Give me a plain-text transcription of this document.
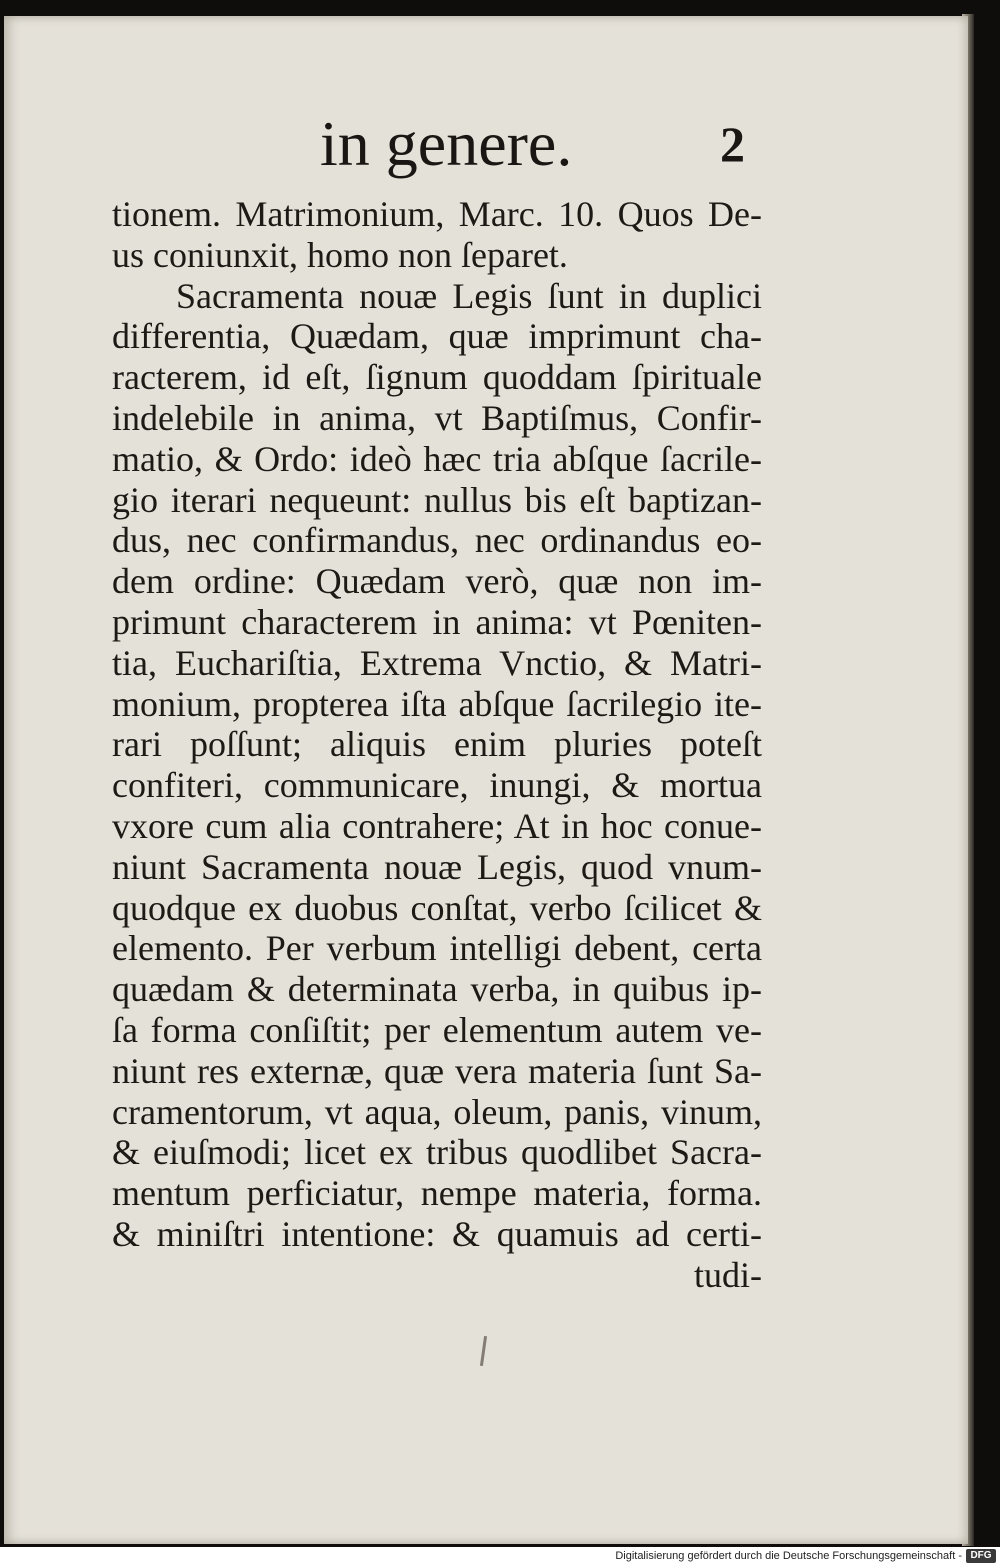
in genere.	2
tionem. Matrimonium, Marc. 10. Quos De-
us coniunxit, homo non ſeparet.
Sacramenta nouæ Legis ſunt in duplici
differentia, Quædam, quæ imprimunt cha-
racterem, id eſt, ſignum quoddam ſpirituale
indelebile in anima, vt Baptiſmus, Confir-
matio, & Ordo: ideò hæc tria abſque ſacrile-
gio iterari nequeunt: nullus bis eſt baptizan-
dus, nec confirmandus, nec ordinandus eo-
dem ordine: Quædam verò, quæ non im-
primunt characterem in anima: vt Pœniten-
tia, Euchariſtia, Extrema Vnctio, & Matri-
monium, propterea iſta abſque ſacrilegio ite-
rari poſſunt; aliquis enim pluries poteſt
confiteri, communicare, inungi, & mortua
vxore cum alia contrahere; At in hoc conue-
niunt Sacramenta nouæ Legis, quod vnum-
quodque ex duobus conſtat, verbo ſcilicet &
elemento. Per verbum intelligi debent, certa
quædam & determinata verba, in quibus ip-
ſa forma conſiſtit; per elementum autem ve-
niunt res externæ, quæ vera materia ſunt Sa-
cramentorum, vt aqua, oleum, panis, vinum,
& eiuſmodi; licet ex tribus quodlibet Sacra-
mentum perficiatur, nempe materia, forma.
& miniſtri intentione: & quamuis ad certi-
tudi-
Digitalisierung gefördert durch die Deutsche Forschungsgemeinschaft - DFG
